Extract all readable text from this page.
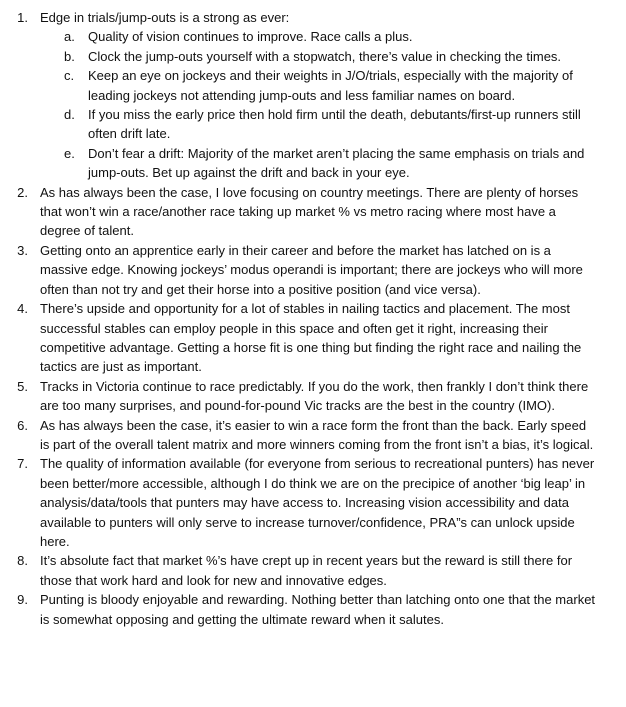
1. Edge in trials/jump-outs is a strong as ever:
a.	Quality of vision continues to improve. Race calls a plus.
b.	Clock the jump-outs yourself with a stopwatch, there’s value in checking the times.
c.	Keep an eye on jockeys and their weights in J/O/trials, especially with the majority of leading jockeys not attending jump-outs and less familiar names on board.
d.	If you miss the early price then hold firm until the death, debutants/first-up runners still often drift late.
e.	Don’t fear a drift: Majority of the market aren’t placing the same emphasis on trials and jump-outs. Bet up against the drift and back in your eye.
2. As has always been the case, I love focusing on country meetings. There are plenty of horses that won’t win a race/another race taking up market % vs metro racing where most have a degree of talent.
3. Getting onto an apprentice early in their career and before the market has latched on is a massive edge. Knowing jockeys’ modus operandi is important; there are jockeys who will more often than not try and get their horse into a positive position (and vice versa).
4. There’s upside and opportunity for a lot of stables in nailing tactics and placement. The most successful stables can employ people in this space and often get it right, increasing their competitive advantage. Getting a horse fit is one thing but finding the right race and nailing the tactics are just as important.
5. Tracks in Victoria continue to race predictably. If you do the work, then frankly I don’t think there are too many surprises, and pound-for-pound Vic tracks are the best in the country (IMO).
6. As has always been the case, it’s easier to win a race form the front than the back. Early speed is part of the overall talent matrix and more winners coming from the front isn’t a bias, it’s logical.
7. The quality of information available (for everyone from serious to recreational punters) has never been better/more accessible, although I do think we are on the precipice of another ‘big leap’ in analysis/data/tools that punters may have access to. Increasing vision accessibility and data available to punters will only serve to increase turnover/confidence, PRA”s can unlock upside here.
8. It’s absolute fact that market %’s have crept up in recent years but the reward is still there for those that work hard and look for new and innovative edges.
9. Punting is bloody enjoyable and rewarding. Nothing better than latching onto one that the market is somewhat opposing and getting the ultimate reward when it salutes.
